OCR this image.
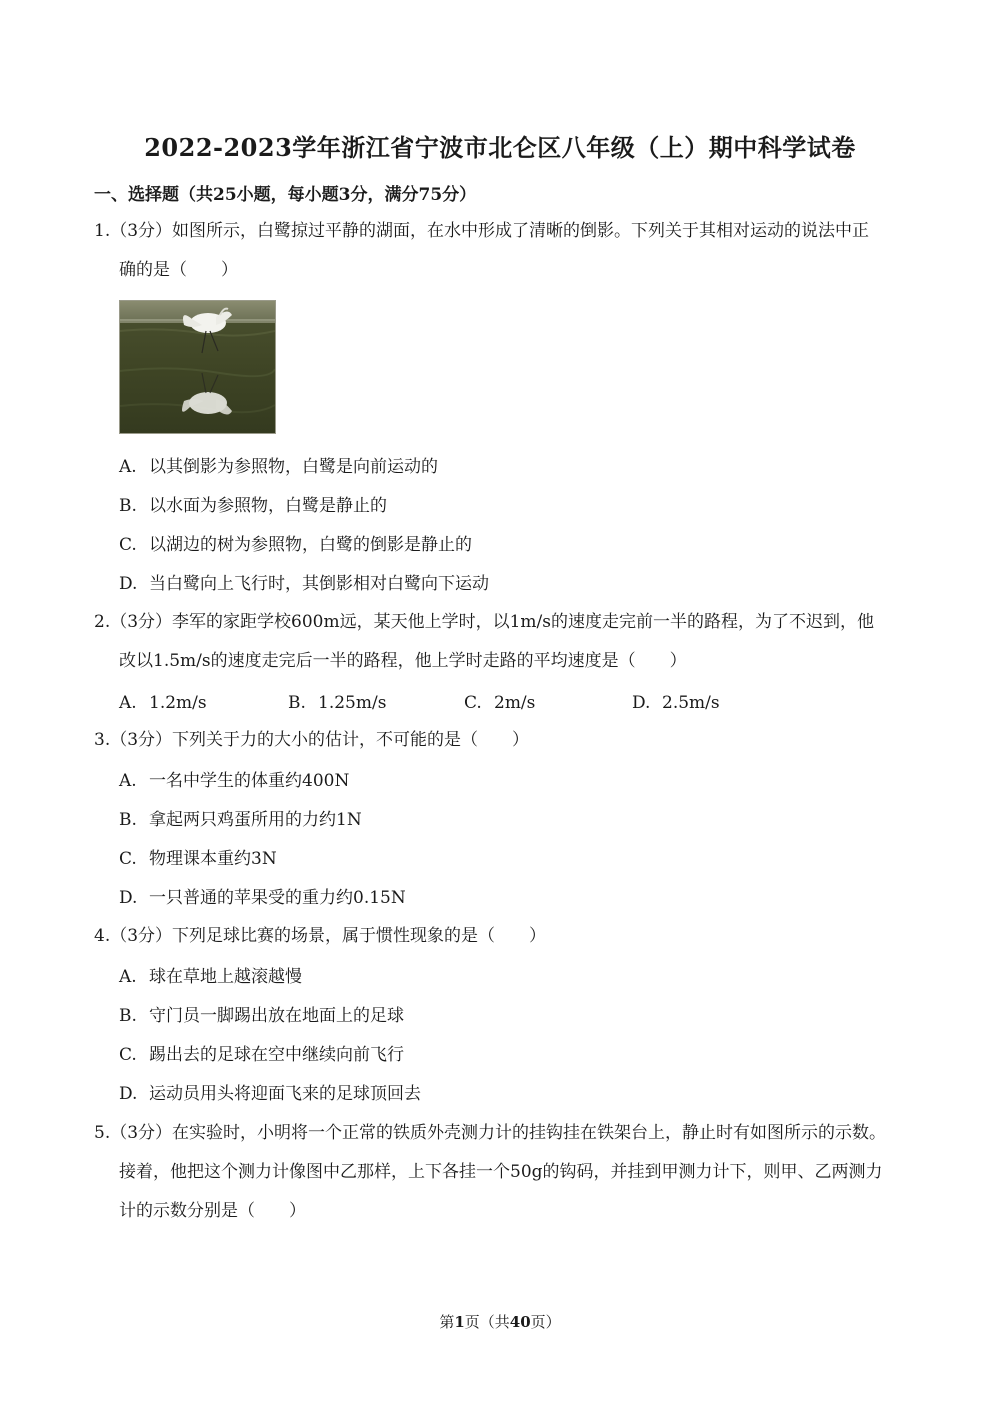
2022-2023学年浙江省宁波市北仑区八年级（上）期中科学试卷
一、选择题（共25小题，每小题3分，满分75分）
1.（3分）如图所示，白鹭掠过平静的湖面，在水中形成了清晰的倒影。下列关于其相对运动的说法中正
确的是（　　）
A. 以其倒影为参照物，白鹭是向前运动的
B. 以水面为参照物，白鹭是静止的
C. 以湖边的树为参照物，白鹭的倒影是静止的
D. 当白鹭向上飞行时，其倒影相对白鹭向下运动
2.（3分）李军的家距学校600m远，某天他上学时，以1m/s的速度走完前一半的路程，为了不迟到，他
改以1.5m/s的速度走完后一半的路程，他上学时走路的平均速度是（　　）
A. 1.2m/s	B. 1.25m/s	C. 2m/s	D. 2.5m/s
3.（3分）下列关于力的大小的估计，不可能的是（　　）
A. 一名中学生的体重约400N
B. 拿起两只鸡蛋所用的力约1N
C. 物理课本重约3N
D. 一只普通的苹果受的重力约0.15N
4.（3分）下列足球比赛的场景，属于惯性现象的是（　　）
A. 球在草地上越滚越慢
B. 守门员一脚踢出放在地面上的足球
C. 踢出去的足球在空中继续向前飞行
D. 运动员用头将迎面飞来的足球顶回去
5.（3分）在实验时，小明将一个正常的铁质外壳测力计的挂钩挂在铁架台上，静止时有如图所示的示数。
接着，他把这个测力计像图中乙那样，上下各挂一个50g的钩码，并挂到甲测力计下，则甲、乙两测力
计的示数分别是（　　）
第1页（共40页）
